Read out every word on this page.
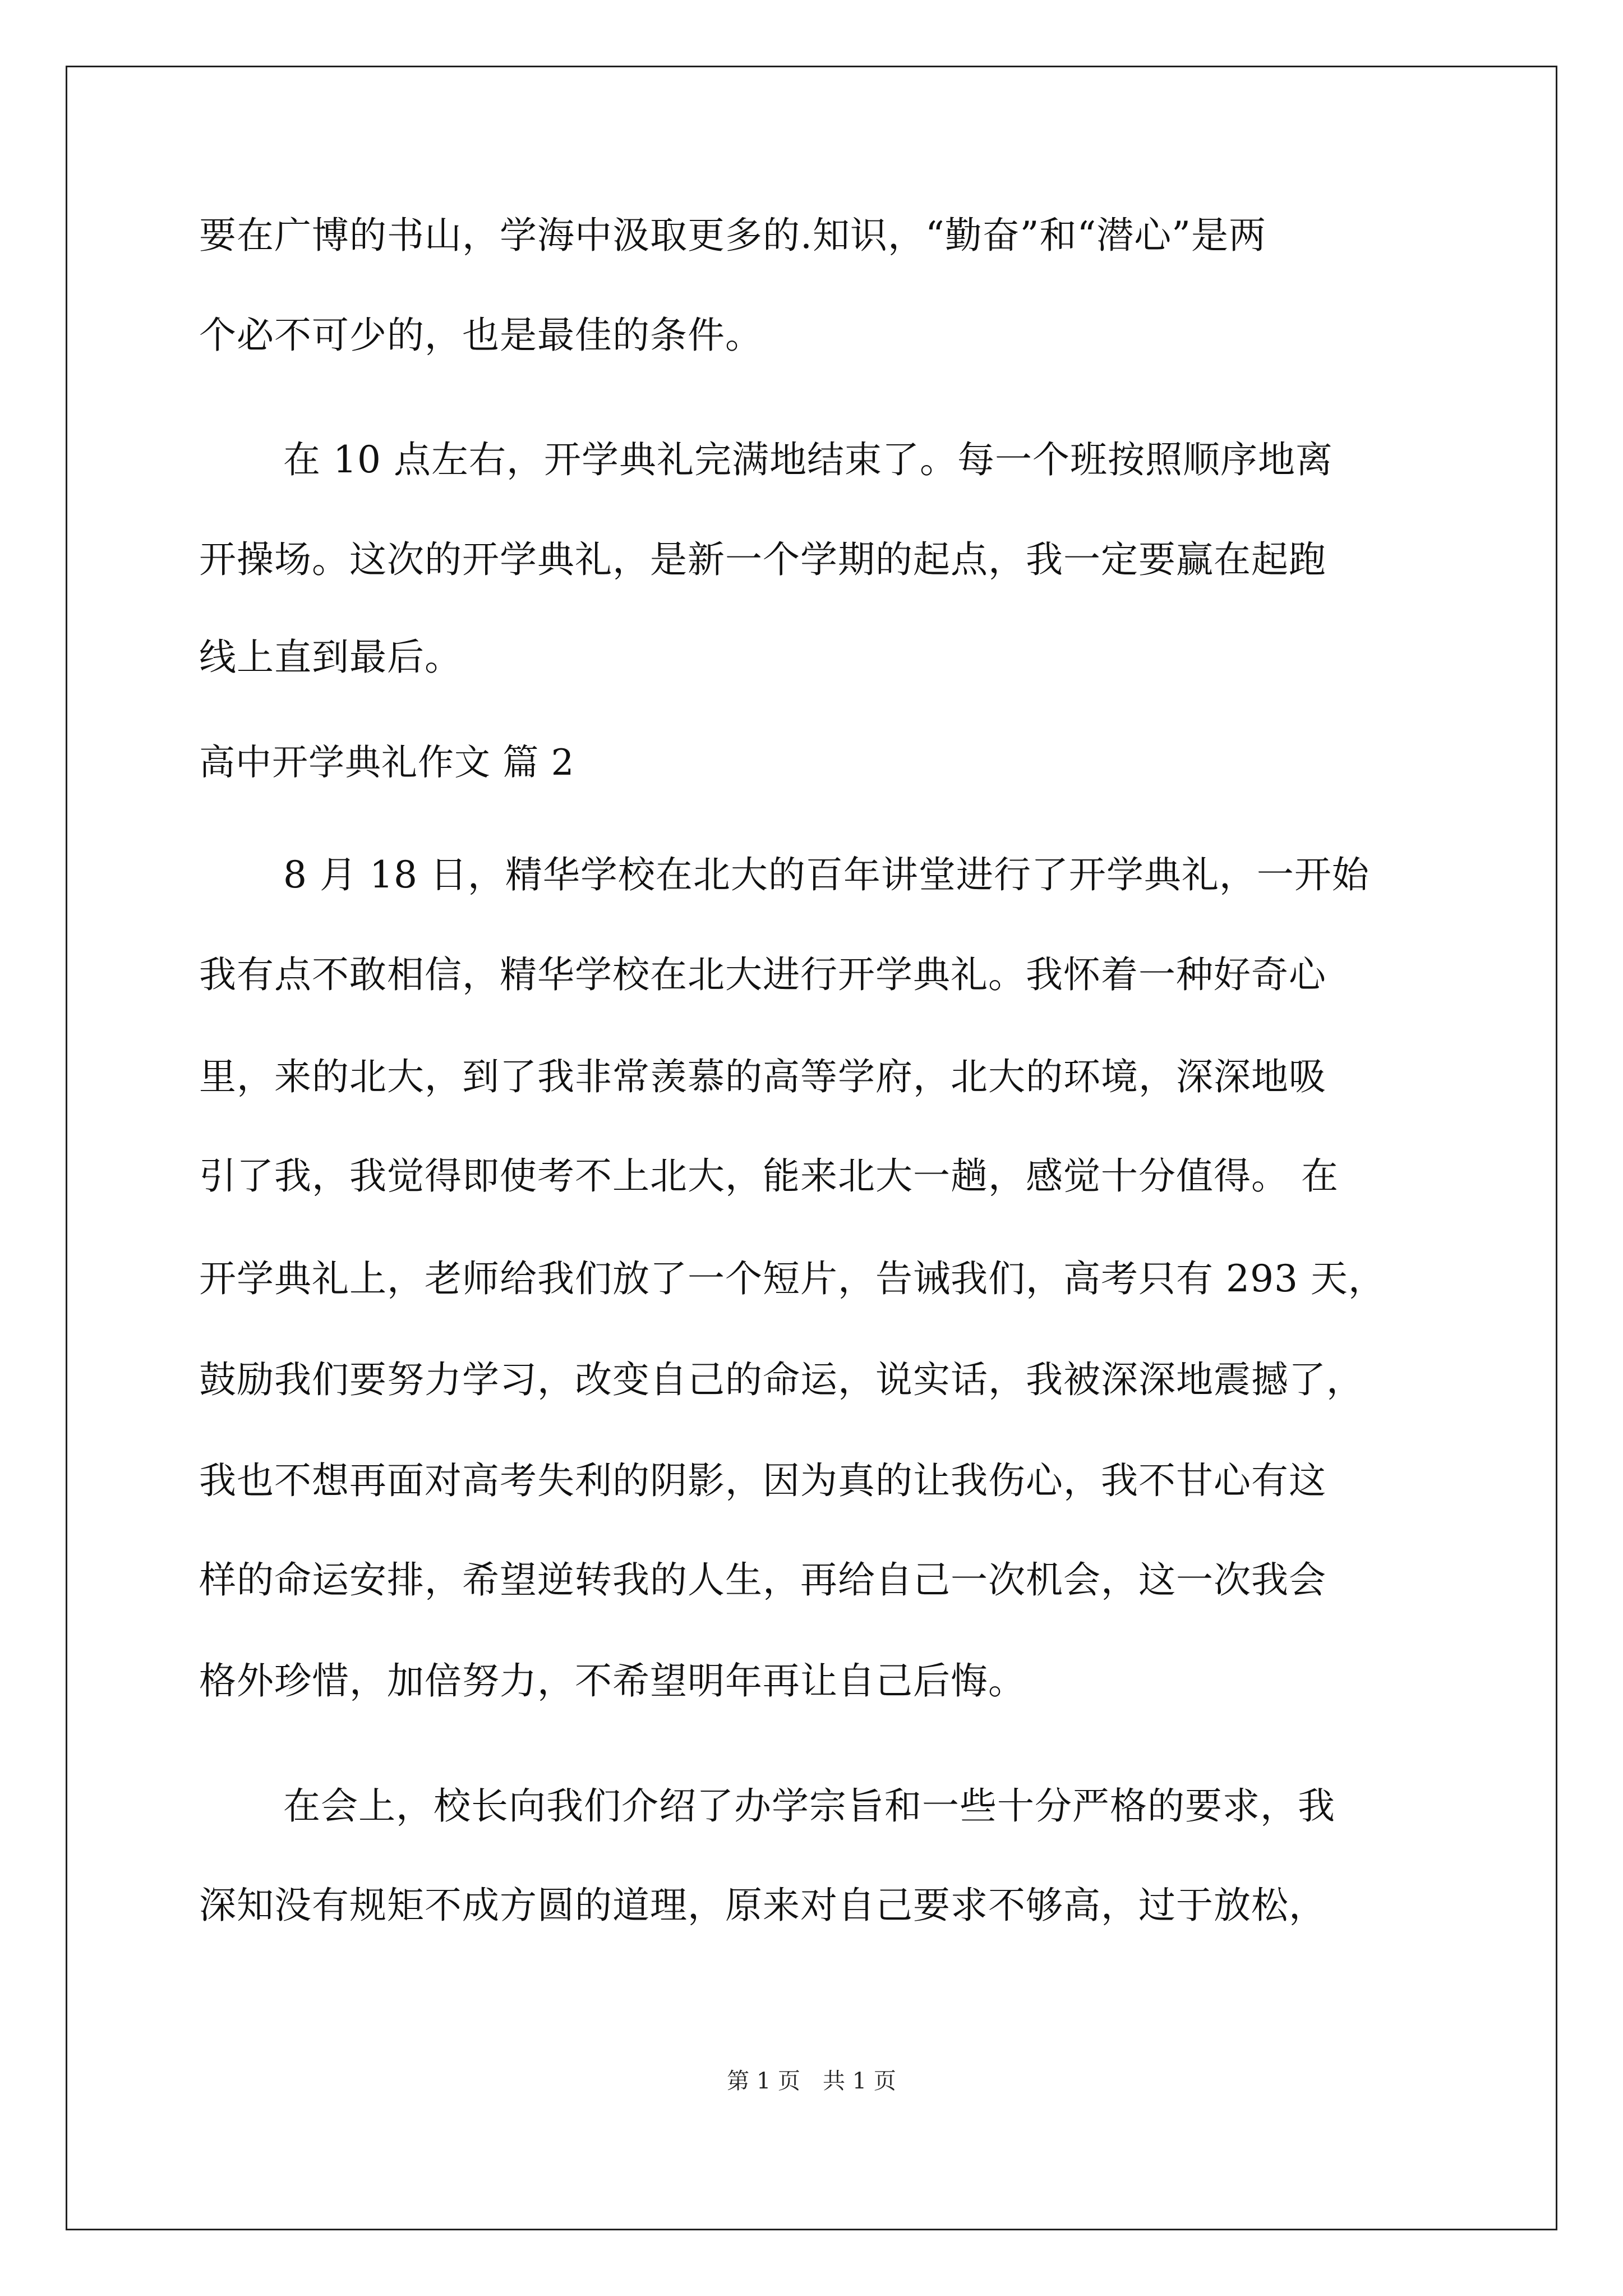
要在广博的书山，学海中汲取更多的.知识，“勤奋”和“潜心”是两
个必不可少的，也是最佳的条件。
在 10 点左右，开学典礼完满地结束了。每一个班按照顺序地离
开操场。这次的开学典礼，是新一个学期的起点，我一定要赢在起跑
线上直到最后。
高中开学典礼作文 篇 2
8 月 18 日，精华学校在北大的百年讲堂进行了开学典礼，一开始
我有点不敢相信，精华学校在北大进行开学典礼。我怀着一种好奇心
里，来的北大，到了我非常羡慕的高等学府，北大的环境，深深地吸
引了我，我觉得即使考不上北大，能来北大一趟，感觉十分值得。 在
开学典礼上，老师给我们放了一个短片，告诫我们，高考只有 293 天，
鼓励我们要努力学习，改变自己的命运，说实话，我被深深地震撼了，
我也不想再面对高考失利的阴影，因为真的让我伤心，我不甘心有这
样的命运安排，希望逆转我的人生，再给自己一次机会，这一次我会
格外珍惜，加倍努力，不希望明年再让自己后悔。
在会上，校长向我们介绍了办学宗旨和一些十分严格的要求，我
深知没有规矩不成方圆的道理，原来对自己要求不够高，过于放松，
第 1 页　共 1 页
